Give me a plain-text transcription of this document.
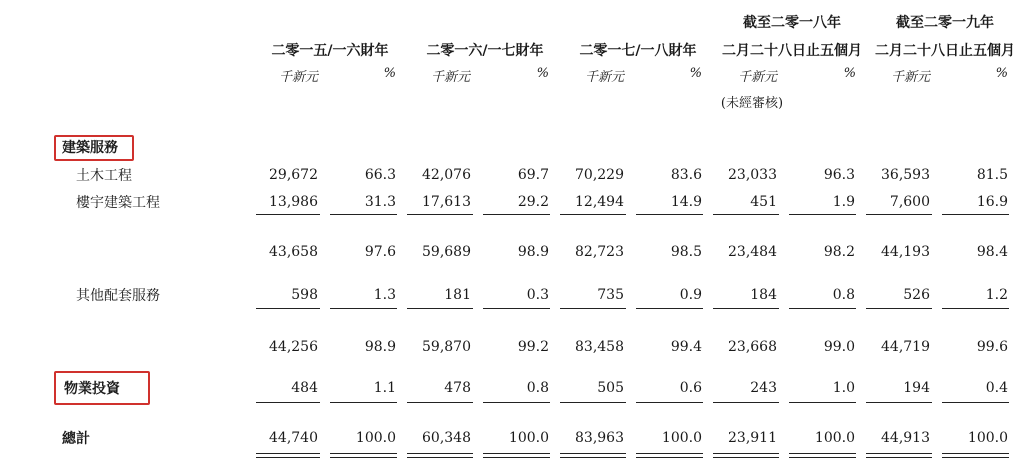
二零一五/一六財年
千新元	%
二零一六/一七財年
千新元	%
二零一七/一八財年
千新元	%
截至二零一八年
二月二十八日止五個月
千新元	%
(未經審核)
截至二零一九年
二月二十八日止五個月
千新元	%
建築服務
土木工程	29,672	66.3	42,076	69.7	70,229	83.6	23,033	96.3	36,593	81.5
樓宇建築工程	13,986	31.3	17,613	29.2	12,494	14.9	451	1.9	7,600	16.9
43,658	97.6	59,689	98.9	82,723	98.5	23,484	98.2	44,193	98.4
其他配套服務	598	1.3	181	0.3	735	0.9	184	0.8	526	1.2
44,256	98.9	59,870	99.2	83,458	99.4	23,668	99.0	44,719	99.6
物業投資	484	1.1	478	0.8	505	0.6	243	1.0	194	0.4
總計	44,740	100.0	60,348	100.0	83,963	100.0	23,911	100.0	44,913	100.0
